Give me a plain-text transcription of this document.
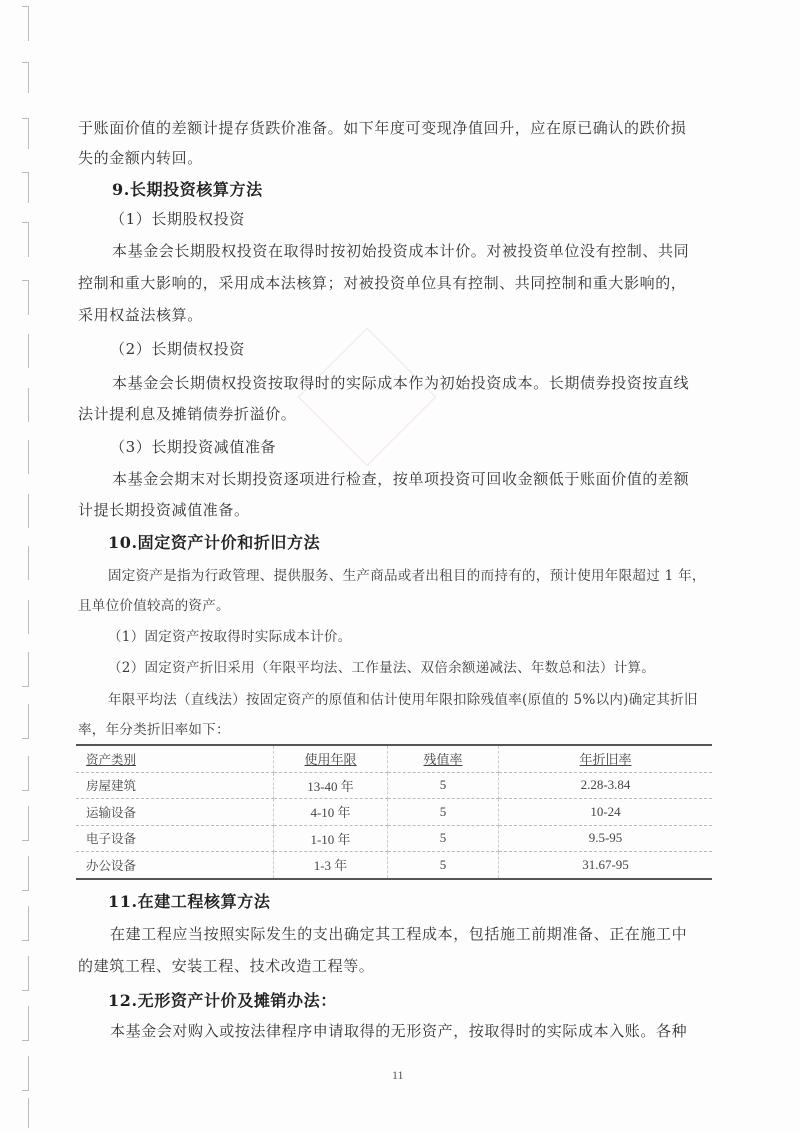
于账面价值的差额计提存货跌价准备。如下年度可变现净值回升，应在原已确认的跌价损
失的金额内转回。
9.长期投资核算方法
（1）长期股权投资
本基金会长期股权投资在取得时按初始投资成本计价。对被投资单位没有控制、共同
控制和重大影响的，采用成本法核算；对被投资单位具有控制、共同控制和重大影响的，
采用权益法核算。
（2）长期债权投资
本基金会长期债权投资按取得时的实际成本作为初始投资成本。长期债券投资按直线
法计提利息及摊销债券折溢价。
（3）长期投资减值准备
本基金会期末对长期投资逐项进行检查，按单项投资可回收金额低于账面价值的差额
计提长期投资减值准备。
10.固定资产计价和折旧方法
固定资产是指为行政管理、提供服务、生产商品或者出租目的而持有的，预计使用年限超过 1 年，
且单位价值较高的资产。
（1）固定资产按取得时实际成本计价。
（2）固定资产折旧采用（年限平均法、工作量法、双倍余额递减法、年数总和法）计算。
年限平均法（直线法）按固定资产的原值和估计使用年限扣除残值率(原值的 5%以内)确定其折旧
率，年分类折旧率如下：
资产类别	使用年限	残值率	年折旧率
房屋建筑	13-40 年	5	2.28-3.84
运输设备	4-10 年	5	10-24
电子设备	1-10 年	5	9.5-95
办公设备	1-3 年	5	31.67-95
11.在建工程核算方法
在建工程应当按照实际发生的支出确定其工程成本，包括施工前期准备、正在施工中
的建筑工程、安装工程、技术改造工程等。
12.无形资产计价及摊销办法：
本基金会对购入或按法律程序申请取得的无形资产，按取得时的实际成本入账。各种
11
